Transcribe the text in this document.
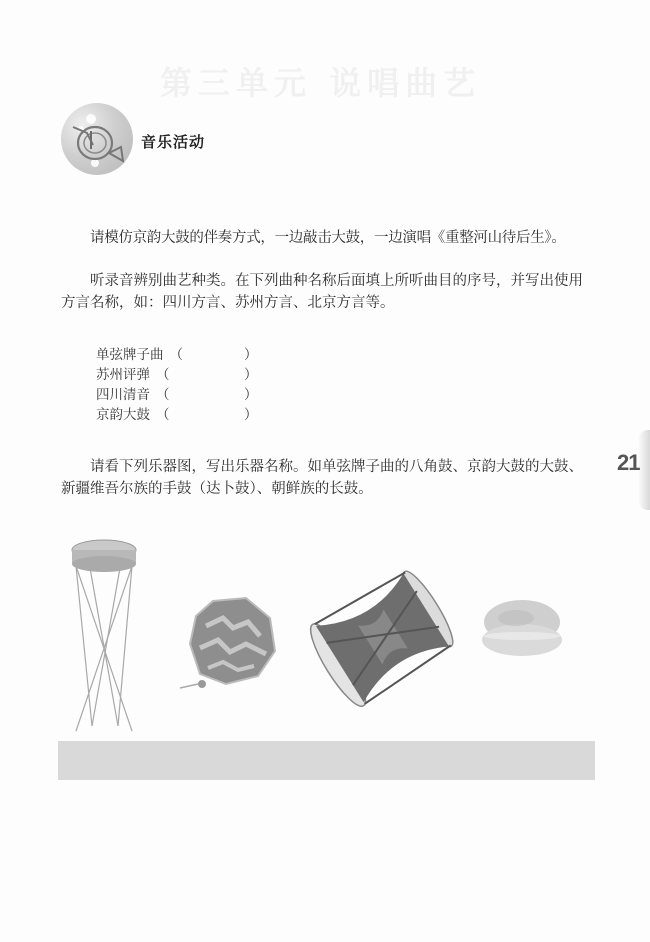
第三单元 说唱曲艺
音乐活动

请模仿京韵大鼓的伴奏方式，一边敲击大鼓，一边演唱《重整河山待后生》。

听录音辨别曲艺种类。在下列曲种名称后面填上所听曲目的序号，并写出使用方言名称，如：四川方言、苏州方言、北京方言等。

单弦牌子曲 （	）
苏州评弹 （	）
四川清音 （	）
京韵大鼓 （	）

请看下列乐器图，写出乐器名称。如单弦牌子曲的八角鼓、京韵大鼓的大鼓、新疆维吾尔族的手鼓（达卜鼓）、朝鲜族的长鼓。

21
